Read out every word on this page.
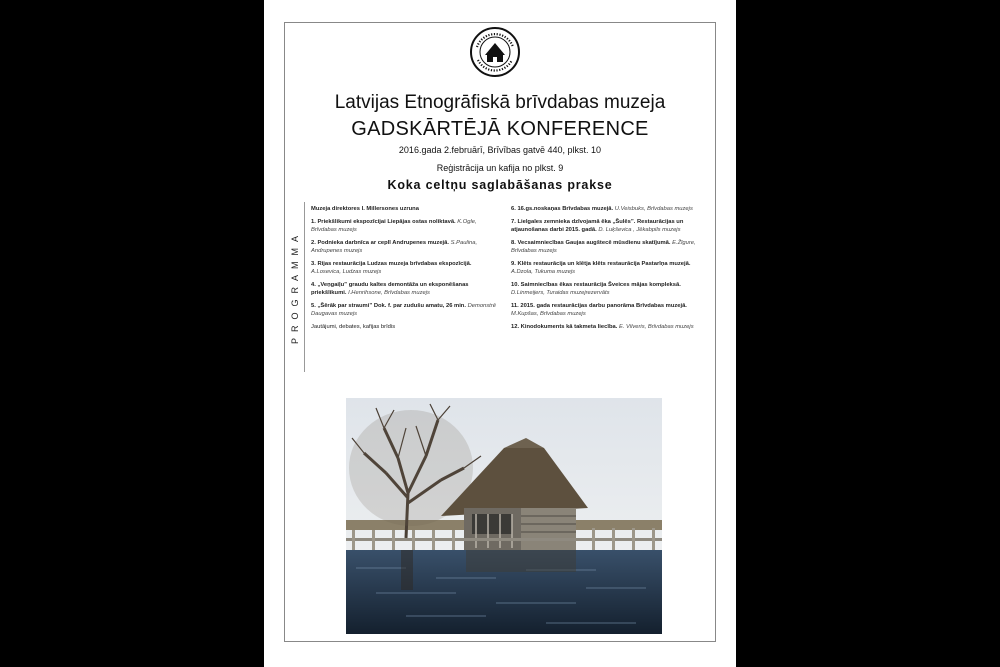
Latvijas Etnogrāfiskā brīvdabas muzeja
GADSKĀRTĒJĀ KONFERENCE
2016.gada 2.februārī, Brīvības gatvē 440, plkst. 10
Reģistrācija un kafija no plkst. 9
Koka celtņu saglabāšanas prakse
PROGRAMMA
Muzeja direktores I. Millersones uzruna
1. Priekšlikumi ekspozīcijai Liepājas ostas noliktavā. K.Ogle, Brīvdabas muzejs
2. Podnieka darbnīca ar ceplī Andrupenes muzejā. S.Paulina, Andrupenes muzejs
3. Rijas restaurācija Ludzas muzeja brīvdabas ekspozīcijā. A.Losevica, Ludzas muzejs
4. „Veņgaiļu” graudu kaltes demontāža un eksponēšanas priekšlikumi. I.Henrihsone, Brīvdabas muzejs
5. „Šērāk par straumi” Dok. f. par zudušu amatu, 26 min. Demonstrē Daugavas muzejs
Jautājumi, debates, kafijas brīdis
6. 16.gs.noskaņas Brīvdabas muzejā. U.Veisbuks, Brīvdabas muzejs
7. Lielgales zemnieka dzīvojamā ēka „Šulēs”. Restaurācijas un atjaunošanas darbi 2015. gadā. D. Luķševica , Jēkabpils muzejs
8. Vecsaimniecības Gaujas augštecē mūsdienu skatījumā. E.Žīgure, Brīvdabas muzejs
9. Klēts restaurācija un klētja klēts restaurācija Pastarīņa muzejā. A.Dzola, Tukuma muzejs
10. Saimniecības ēkas restaurācija Šveices mājas kompleksā. D.Linmeijers, Turaidas muzejrezervāts
11. 2015. gada restaurācijas darbu panorāma Brīvdabas muzejā. M.Kupšas, Brīvdabas muzejs
12. Kinodokuments kā takmeta liecība. E. Vilveris, Brīvdabas muzejs
